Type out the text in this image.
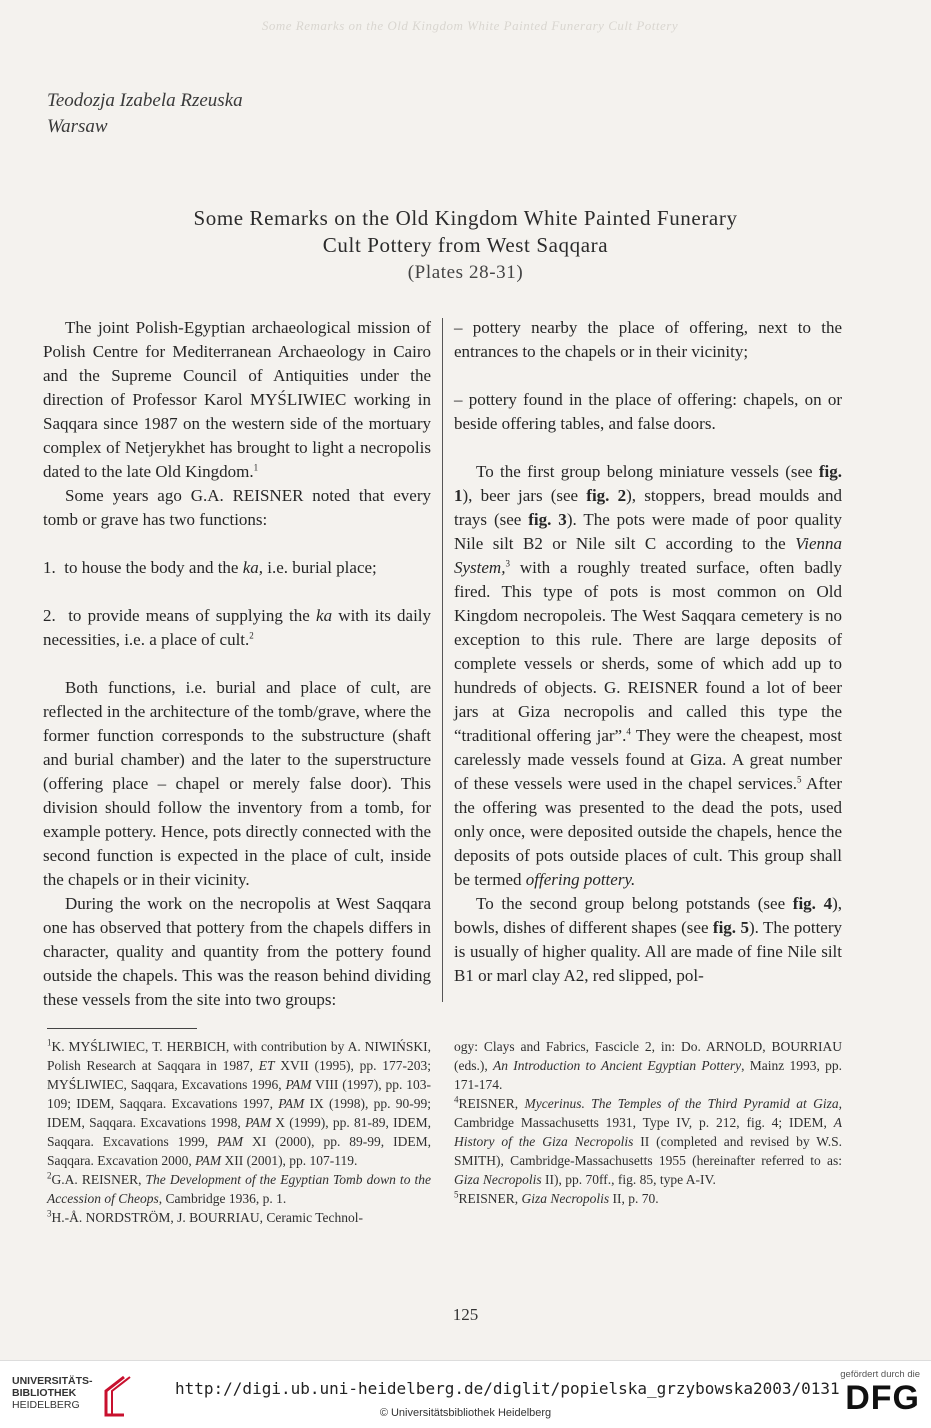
Some Remarks on the Old Kingdom White Painted Funerary Cult Pottery
Teodozja Izabela Rzeuska
Warsaw
Some Remarks on the Old Kingdom White Painted Funerary
Cult Pottery from West Saqqara
(Plates 28-31)

The joint Polish-Egyptian archaeological mission of Polish Centre for Mediterranean Archaeology in Cairo and the Supreme Council of Antiquities under the direction of Professor Karol MYŚLIWIEC working in Saqqara since 1987 on the western side of the mortuary complex of Netjerykhet has brought to light a necropolis dated to the late Old Kingdom.$^1$

Some years ago G.A. REISNER noted that every tomb or grave has two functions:

1. to house the body and the ka, i.e. burial place;

2. to provide means of supplying the ka with its daily necessities, i.e. a place of cult.$^2$

Both functions, i.e. burial and place of cult, are reflected in the architecture of the tomb/grave, where the former function corresponds to the substructure (shaft and burial chamber) and the later to the superstructure (offering place – chapel or merely false door). This division should follow the inventory from a tomb, for example pottery. Hence, pots directly connected with the second function is expected in the place of cult, inside the chapels or in their vicinity.

During the work on the necropolis at West Saqqara one has observed that pottery from the chapels differs in character, quality and quantity from the pottery found outside the chapels. This was the reason behind dividing these vessels from the site into two groups:

– pottery nearby the place of offering, next to the entrances to the chapels or in their vicinity;

– pottery found in the place of offering: chapels, on or beside offering tables, and false doors.

To the first group belong miniature vessels (see fig. 1), beer jars (see fig. 2), stoppers, bread moulds and trays (see fig. 3). The pots were made of poor quality Nile silt B2 or Nile silt C according to the Vienna System,$^3$ with a roughly treated surface, often badly fired. This type of pots is most common on Old Kingdom necropoleis. The West Saqqara cemetery is no exception to this rule. There are large deposits of complete vessels or sherds, some of which add up to hundreds of objects. G. REISNER found a lot of beer jars at Giza necropolis and called this type the “traditional offering jar”.$^4$ They were the cheapest, most carelessly made vessels found at Giza. A great number of these vessels were used in the chapel services.$^5$ After the offering was presented to the dead the pots, used only once, were deposited outside the chapels, hence the deposits of pots outside places of cult. This group shall be termed offering pottery.

To the second group belong potstands (see fig. 4), bowls, dishes of different shapes (see fig. 5). The pottery is usually of higher quality. All are made of fine Nile silt B1 or marl clay A2, red slipped, pol-

$^1$K. MYŚLIWIEC, T. HERBICH, with contribution by A. NIWIŃSKI, Polish Research at Saqqara in 1987, ET XVII (1995), pp. 177-203; MYŚLIWIEC, Saqqara, Excavations 1996, PAM VIII (1997), pp. 103-109; IDEM, Saqqara. Excavations 1997, PAM IX (1998), pp. 90-99; IDEM, Saqqara. Excavations 1998, PAM X (1999), pp. 81-89, IDEM, Saqqara. Excavations 1999, PAM XI (2000), pp. 89-99, IDEM, Saqqara. Excavation 2000, PAM XII (2001), pp. 107-119.

$^2$G.A. REISNER, The Development of the Egyptian Tomb down to the Accession of Cheops, Cambridge 1936, p. 1.

$^3$H.-Å. NORDSTRÖM, J. BOURRIAU, Ceramic Technol-

ogy: Clays and Fabrics, Fascicle 2, in: Do. ARNOLD, BOURRIAU (eds.), An Introduction to Ancient Egyptian Pottery, Mainz 1993, pp. 171-174.

$^4$REISNER, Mycerinus. The Temples of the Third Pyramid at Giza, Cambridge Massachusetts 1931, Type IV, p. 212, fig. 4; IDEM, A History of the Giza Necropolis II (completed and revised by W.S. SMITH), Cambridge-Massachusetts 1955 (hereinafter referred to as: Giza Necropolis II), pp. 70ff., fig. 85, type A-IV.

$^5$REISNER, Giza Necropolis II, p. 70.

125
UNIVERSITÄTS-
BIBLIOTHEK
HEIDELBERG
http://digi.ub.uni-heidelberg.de/diglit/popielska_grzybowska2003/0131
© Universitätsbibliothek Heidelberg
gefördert durch die
DFG
